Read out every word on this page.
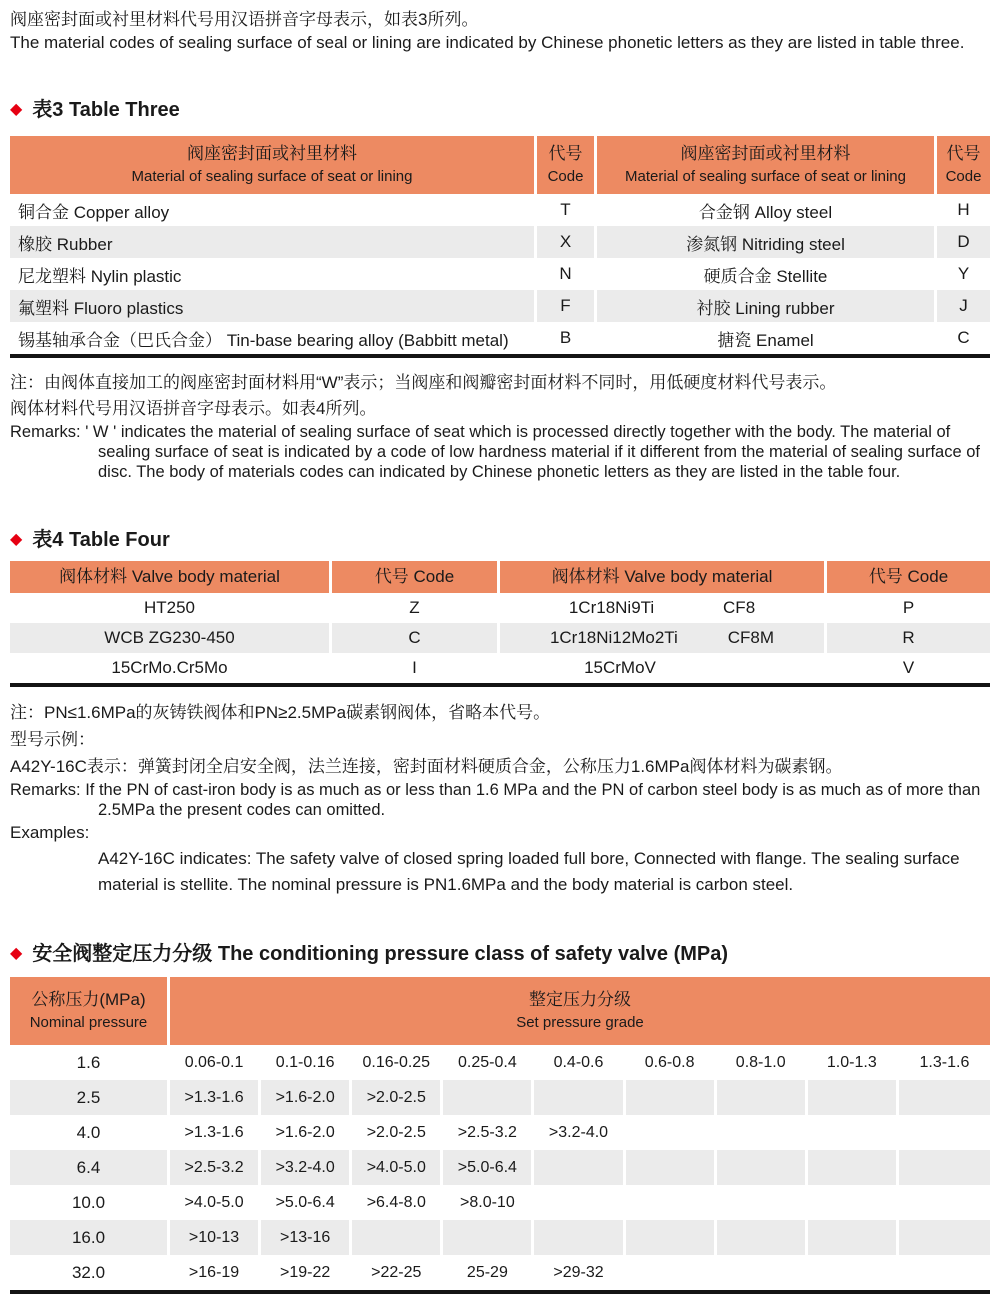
阀座密封面或衬里材料代号用汉语拼音字母表示，如表3所列。

The material codes of sealing surface of seal or lining are indicated by Chinese phonetic letters as they are listed in table three.

◆ 表3 Table Three
阀座密封面或衬里材料
Material of sealing surface of seat or lining

代号
Code

阀座密封面或衬里材料
Material of sealing surface of seat or lining

代号
Code

铜合金 Copper alloy	T	合金钢 Alloy steel	H
橡胶 Rubber	X	渗氮钢 Nitriding steel	D
尼龙塑料 Nylin plastic	N	硬质合金 Stellite	Y
氟塑料 Fluoro plastics	F	衬胶 Lining rubber	J
锡基轴承合金（巴氏合金） Tin-base bearing alloy (Babbitt metal)	B	搪瓷 Enamel	C

注：由阀体直接加工的阀座密封面材料用“W”表示；当阀座和阀瓣密封面材料不同时，用低硬度材料代号表示。

阀体材料代号用汉语拼音字母表示。如表4所列。

Remarks: ' W ' indicates the material of sealing surface of seat which is processed directly together with the body. The material of sealing surface of seat is indicated by a code of low hardness material if it different from the material of sealing surface of disc. The body of materials codes can indicated by Chinese phonetic letters as they are listed in the table four.

◆ 表4 Table Four
阀体材料 Valve body material	代号 Code	阀体材料 Valve body material	代号 Code
HT250	Z	1Cr18Ni9Ti CF8	P
WCB ZG230-450	C	1Cr18Ni12Mo2Ti CF8M	R
15CrMo.Cr5Mo	I	15CrMoV	V

注：PN≤1.6MPa的灰铸铁阀体和PN≥2.5MPa碳素钢阀体，省略本代号。

型号示例：

A42Y-16C表示：弹簧封闭全启安全阀，法兰连接，密封面材料硬质合金，公称压力1.6MPa阀体材料为碳素钢。

Remarks: If the PN of cast-iron body is as much as or less than 1.6 MPa and the PN of carbon steel body is as much as of more than 2.5MPa the present codes can omitted.

Examples:

A42Y-16C indicates: The safety valve of closed spring loaded full bore, Connected with flange. The sealing surface material is stellite. The nominal pressure is PN1.6MPa and the body material is carbon steel.

◆ 安全阀整定压力分级 The conditioning pressure class of safety valve (MPa)
公称压力(MPa)
Nominal pressure

整定压力分级
Set pressure grade

1.6	0.06-0.1	0.1-0.16	0.16-0.25	0.25-0.4	0.4-0.6	0.6-0.8	0.8-1.0	1.0-1.3	1.3-1.6
2.5	>1.3-1.6	>1.6-2.0	>2.0-2.5						
4.0	>1.3-1.6	>1.6-2.0	>2.0-2.5	>2.5-3.2	>3.2-4.0				
6.4	>2.5-3.2	>3.2-4.0	>4.0-5.0	>5.0-6.4					
10.0	>4.0-5.0	>5.0-6.4	>6.4-8.0	>8.0-10					
16.0	>10-13	>13-16							
32.0	>16-19	>19-22	>22-25	25-29	>29-32				
